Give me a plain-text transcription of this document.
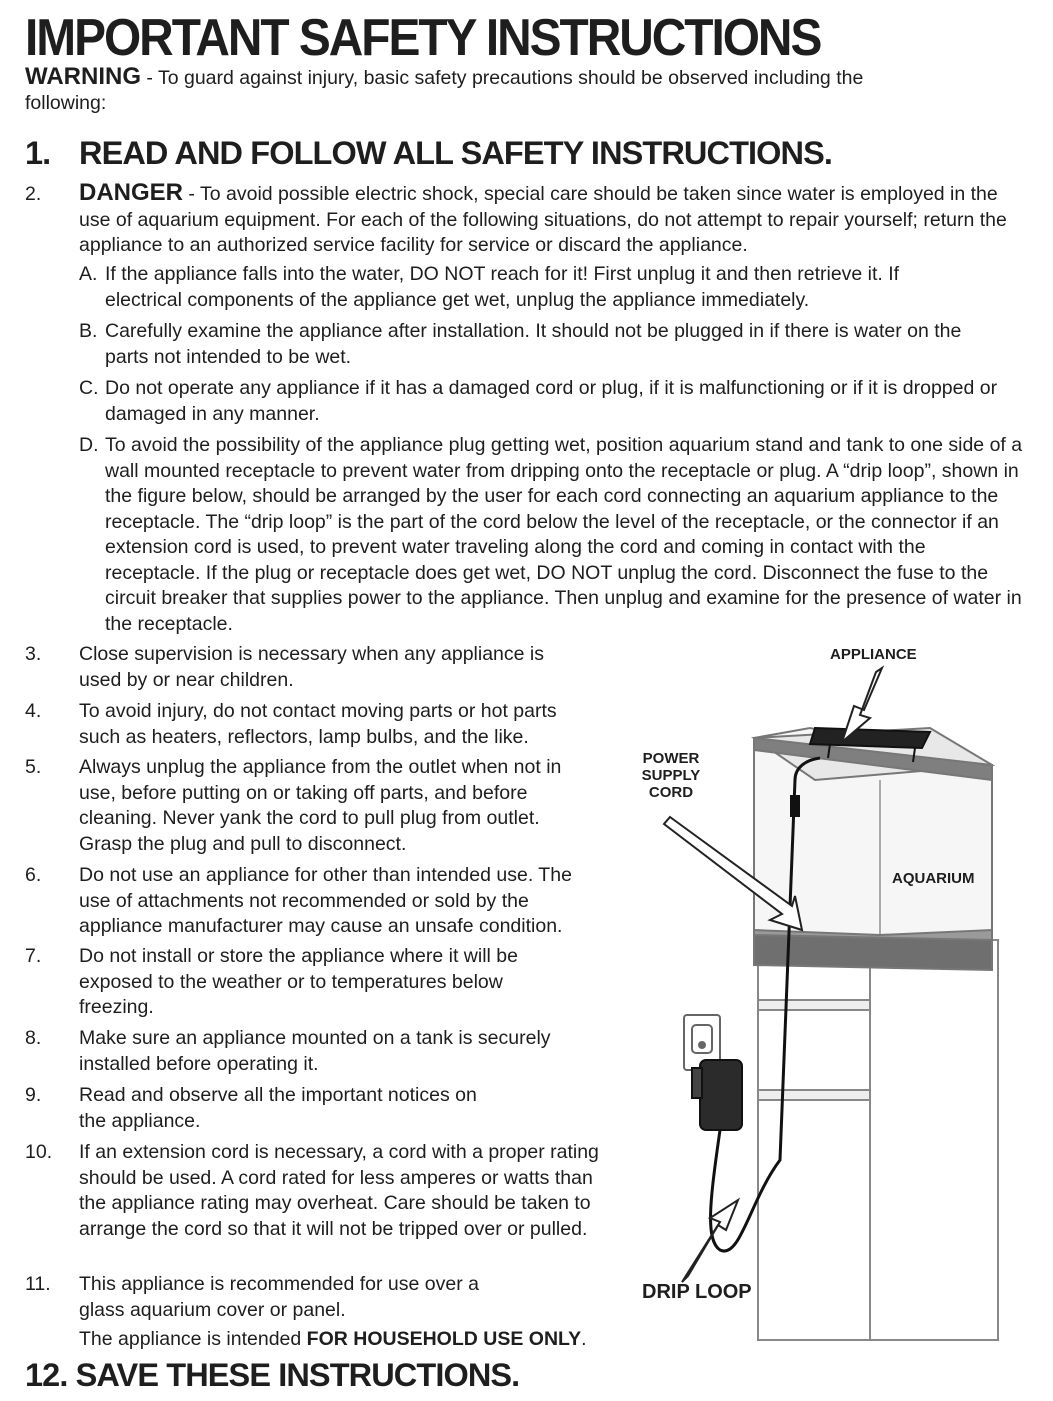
IMPORTANT SAFETY INSTRUCTIONS
WARNING - To guard against injury, basic safety precautions should be observed including the following:
1. READ AND FOLLOW ALL SAFETY INSTRUCTIONS.
2. DANGER - To avoid possible electric shock, special care should be taken since water is employed in the use of aquarium equipment. For each of the following situations, do not attempt to repair yourself; return the appliance to an authorized service facility for service or discard the appliance.
A. If the appliance falls into the water, DO NOT reach for it! First unplug it and then retrieve it. If electrical components of the appliance get wet, unplug the appliance immediately.
B. Carefully examine the appliance after installation. It should not be plugged in if there is water on the parts not intended to be wet.
C. Do not operate any appliance if it has a damaged cord or plug, if it is malfunctioning or if it is dropped or damaged in any manner.
D. To avoid the possibility of the appliance plug getting wet, position aquarium stand and tank to one side of a wall mounted receptacle to prevent water from dripping onto the receptacle or plug. A “drip loop”, shown in the figure below, should be arranged by the user for each cord connecting an aquarium appliance to the receptacle. The “drip loop” is the part of the cord below the level of the receptacle, or the connector if an extension cord is used, to prevent water traveling along the cord and coming in contact with the receptacle. If the plug or receptacle does get wet, DO NOT unplug the cord. Disconnect the fuse to the circuit breaker that supplies power to the appliance. Then unplug and examine for the presence of water in the receptacle.
3. Close supervision is necessary when any appliance is used by or near children.
4. To avoid injury, do not contact moving parts or hot parts such as heaters, reflectors, lamp bulbs, and the like.
5. Always unplug the appliance from the outlet when not in use, before putting on or taking off parts, and before cleaning. Never yank the cord to pull plug from outlet. Grasp the plug and pull to disconnect.
6. Do not use an appliance for other than intended use. The use of attachments not recommended or sold by the appliance manufacturer may cause an unsafe condition.
7. Do not install or store the appliance where it will be exposed to the weather or to temperatures below freezing.
8. Make sure an appliance mounted on a tank is securely installed before operating it.
9. Read and observe all the important notices on the appliance.
10. If an extension cord is necessary, a cord with a proper rating should be used. A cord rated for less amperes or watts than the appliance rating may overheat. Care should be taken to arrange the cord so that it will not be tripped over or pulled.
11. This appliance is recommended for use over a glass aquarium cover or panel.
The appliance is intended FOR HOUSEHOLD USE ONLY.
12. SAVE THESE INSTRUCTIONS.
APPLIANCE
POWER SUPPLY CORD
AQUARIUM
DRIP LOOP
